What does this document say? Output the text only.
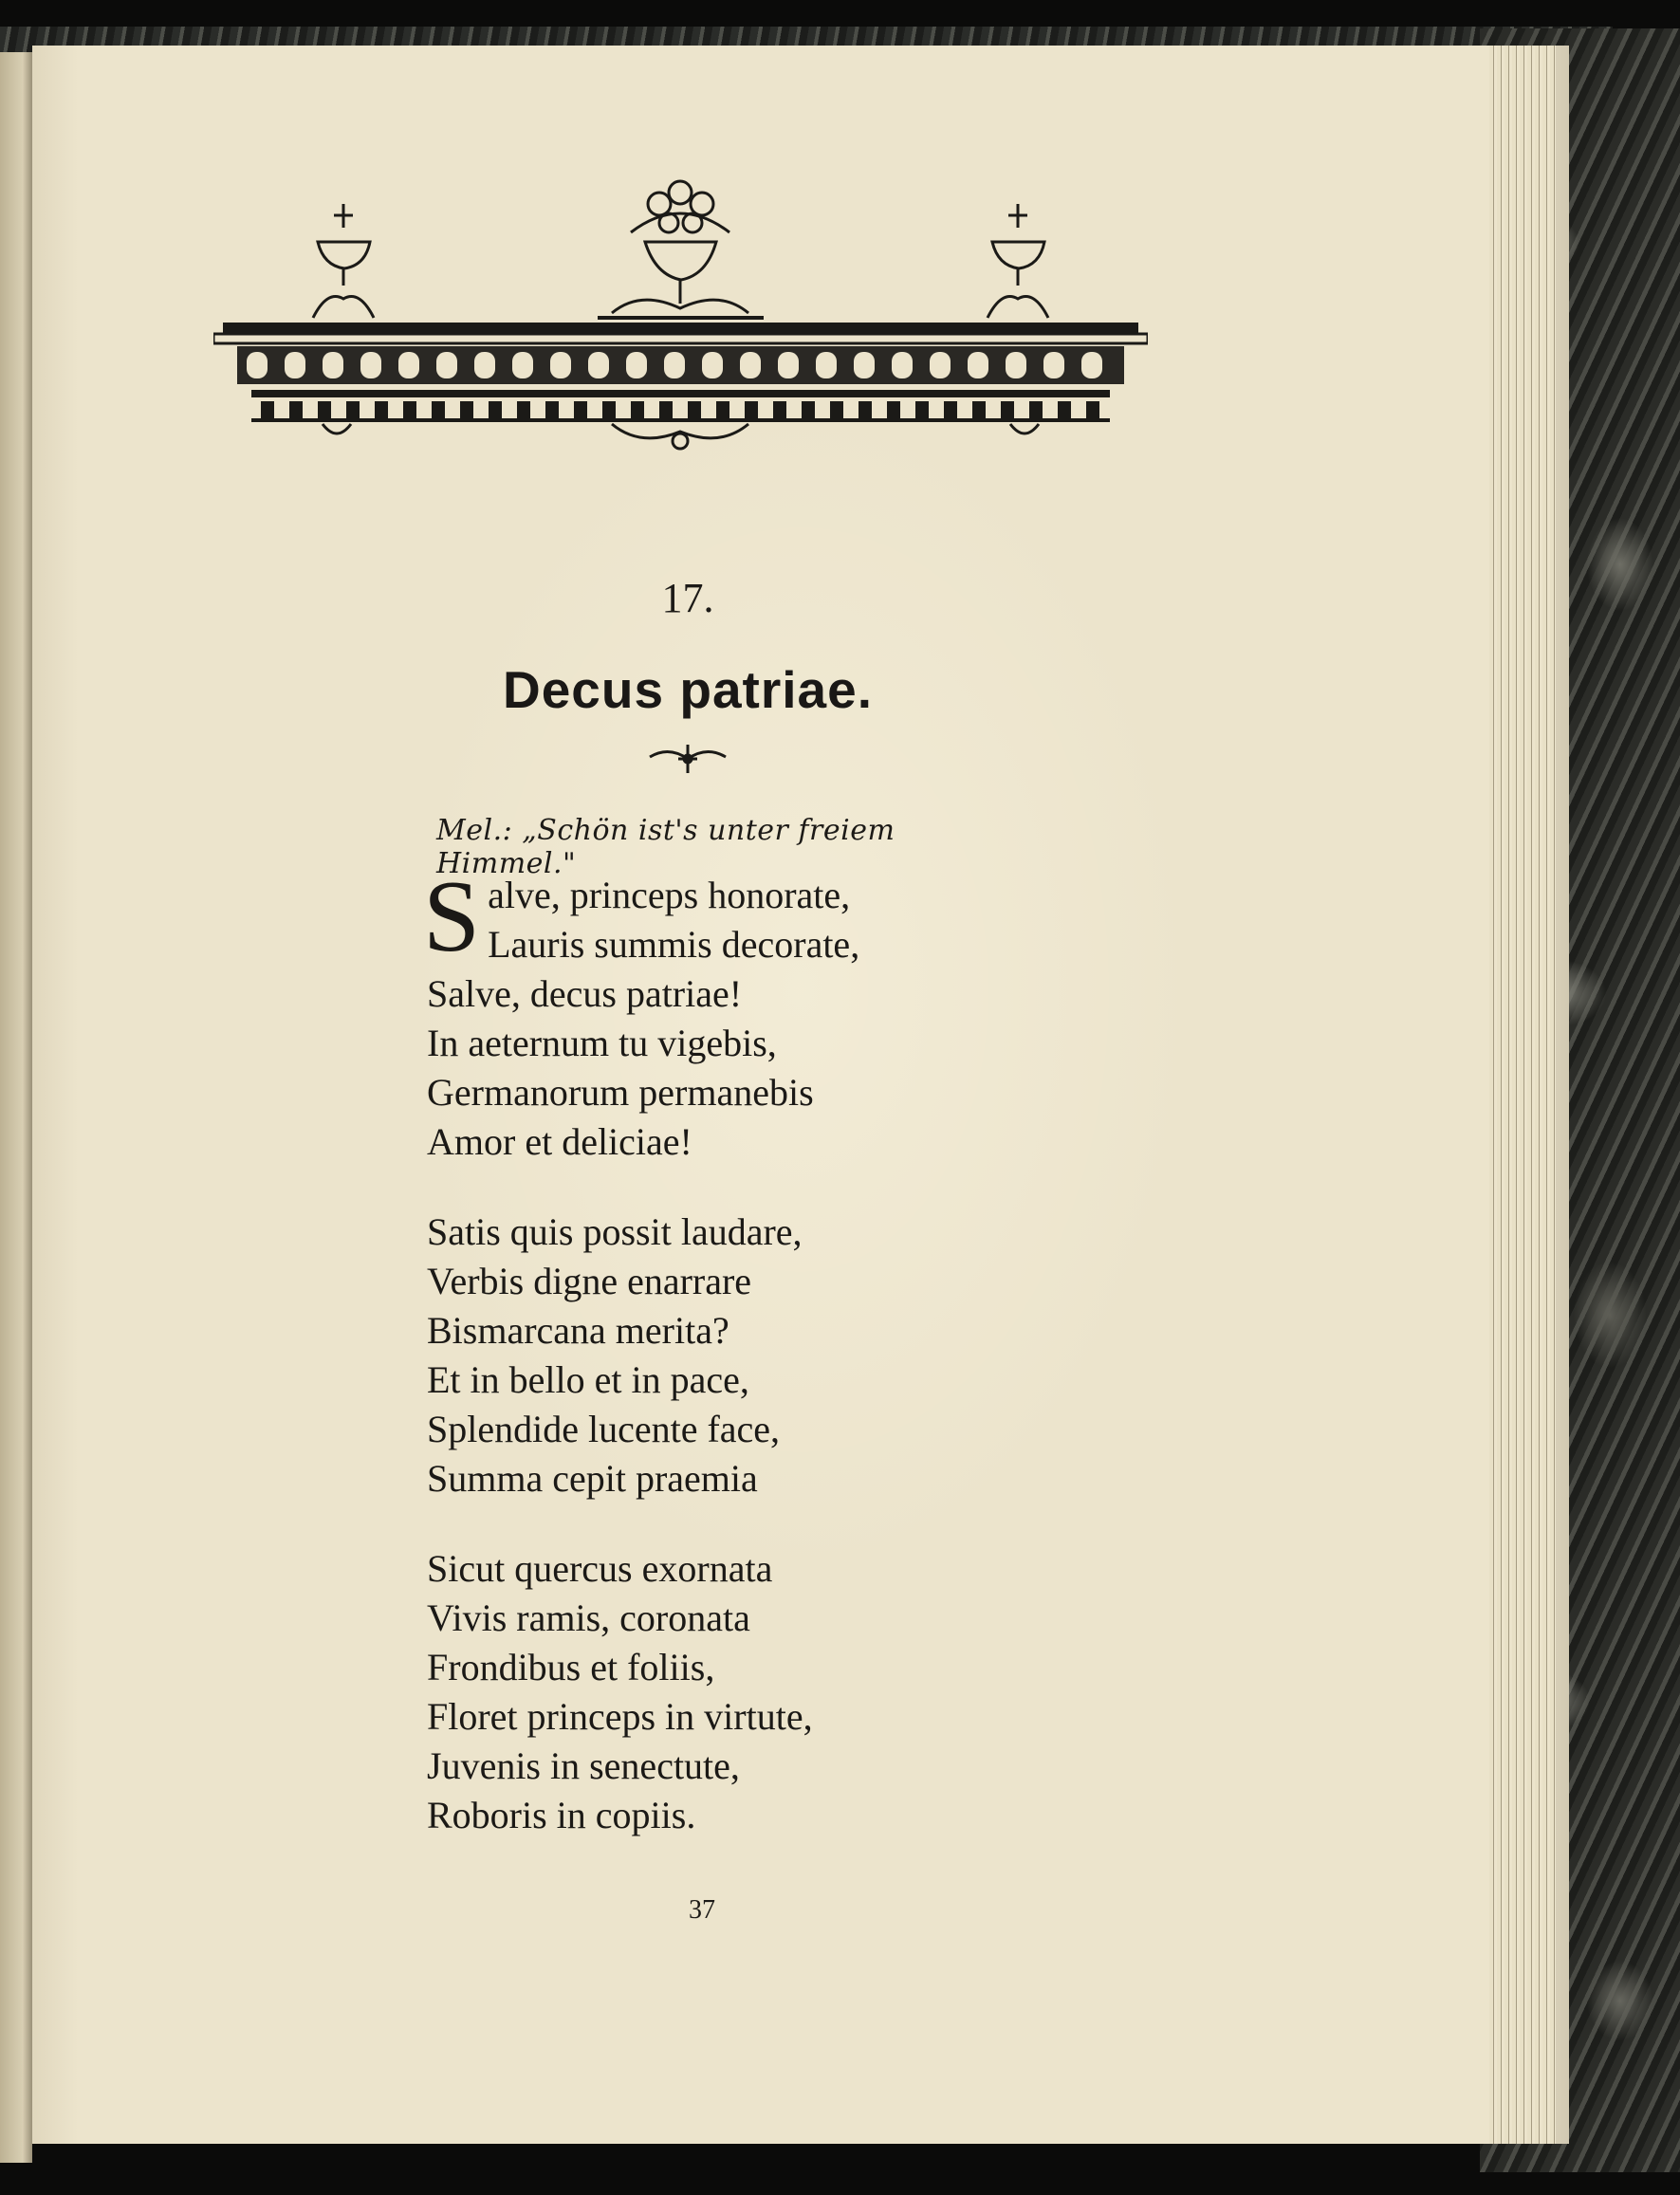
17.
Decus patriae.
Mel.: „Schön ist's unter freiem Himmel."
S alve, princeps honorate,
Lauris summis decorate,
Salve, decus patriae!
In aeternum tu vigebis,
Germanorum permanebis
Amor et deliciae!
Satis quis possit laudare,
Verbis digne enarrare
Bismarcana merita?
Et in bello et in pace,
Splendide lucente face,
Summa cepit praemia
Sicut quercus exornata
Vivis ramis, coronata
Frondibus et foliis,
Floret princeps in virtute,
Juvenis in senectute,
Roboris in copiis.
37
